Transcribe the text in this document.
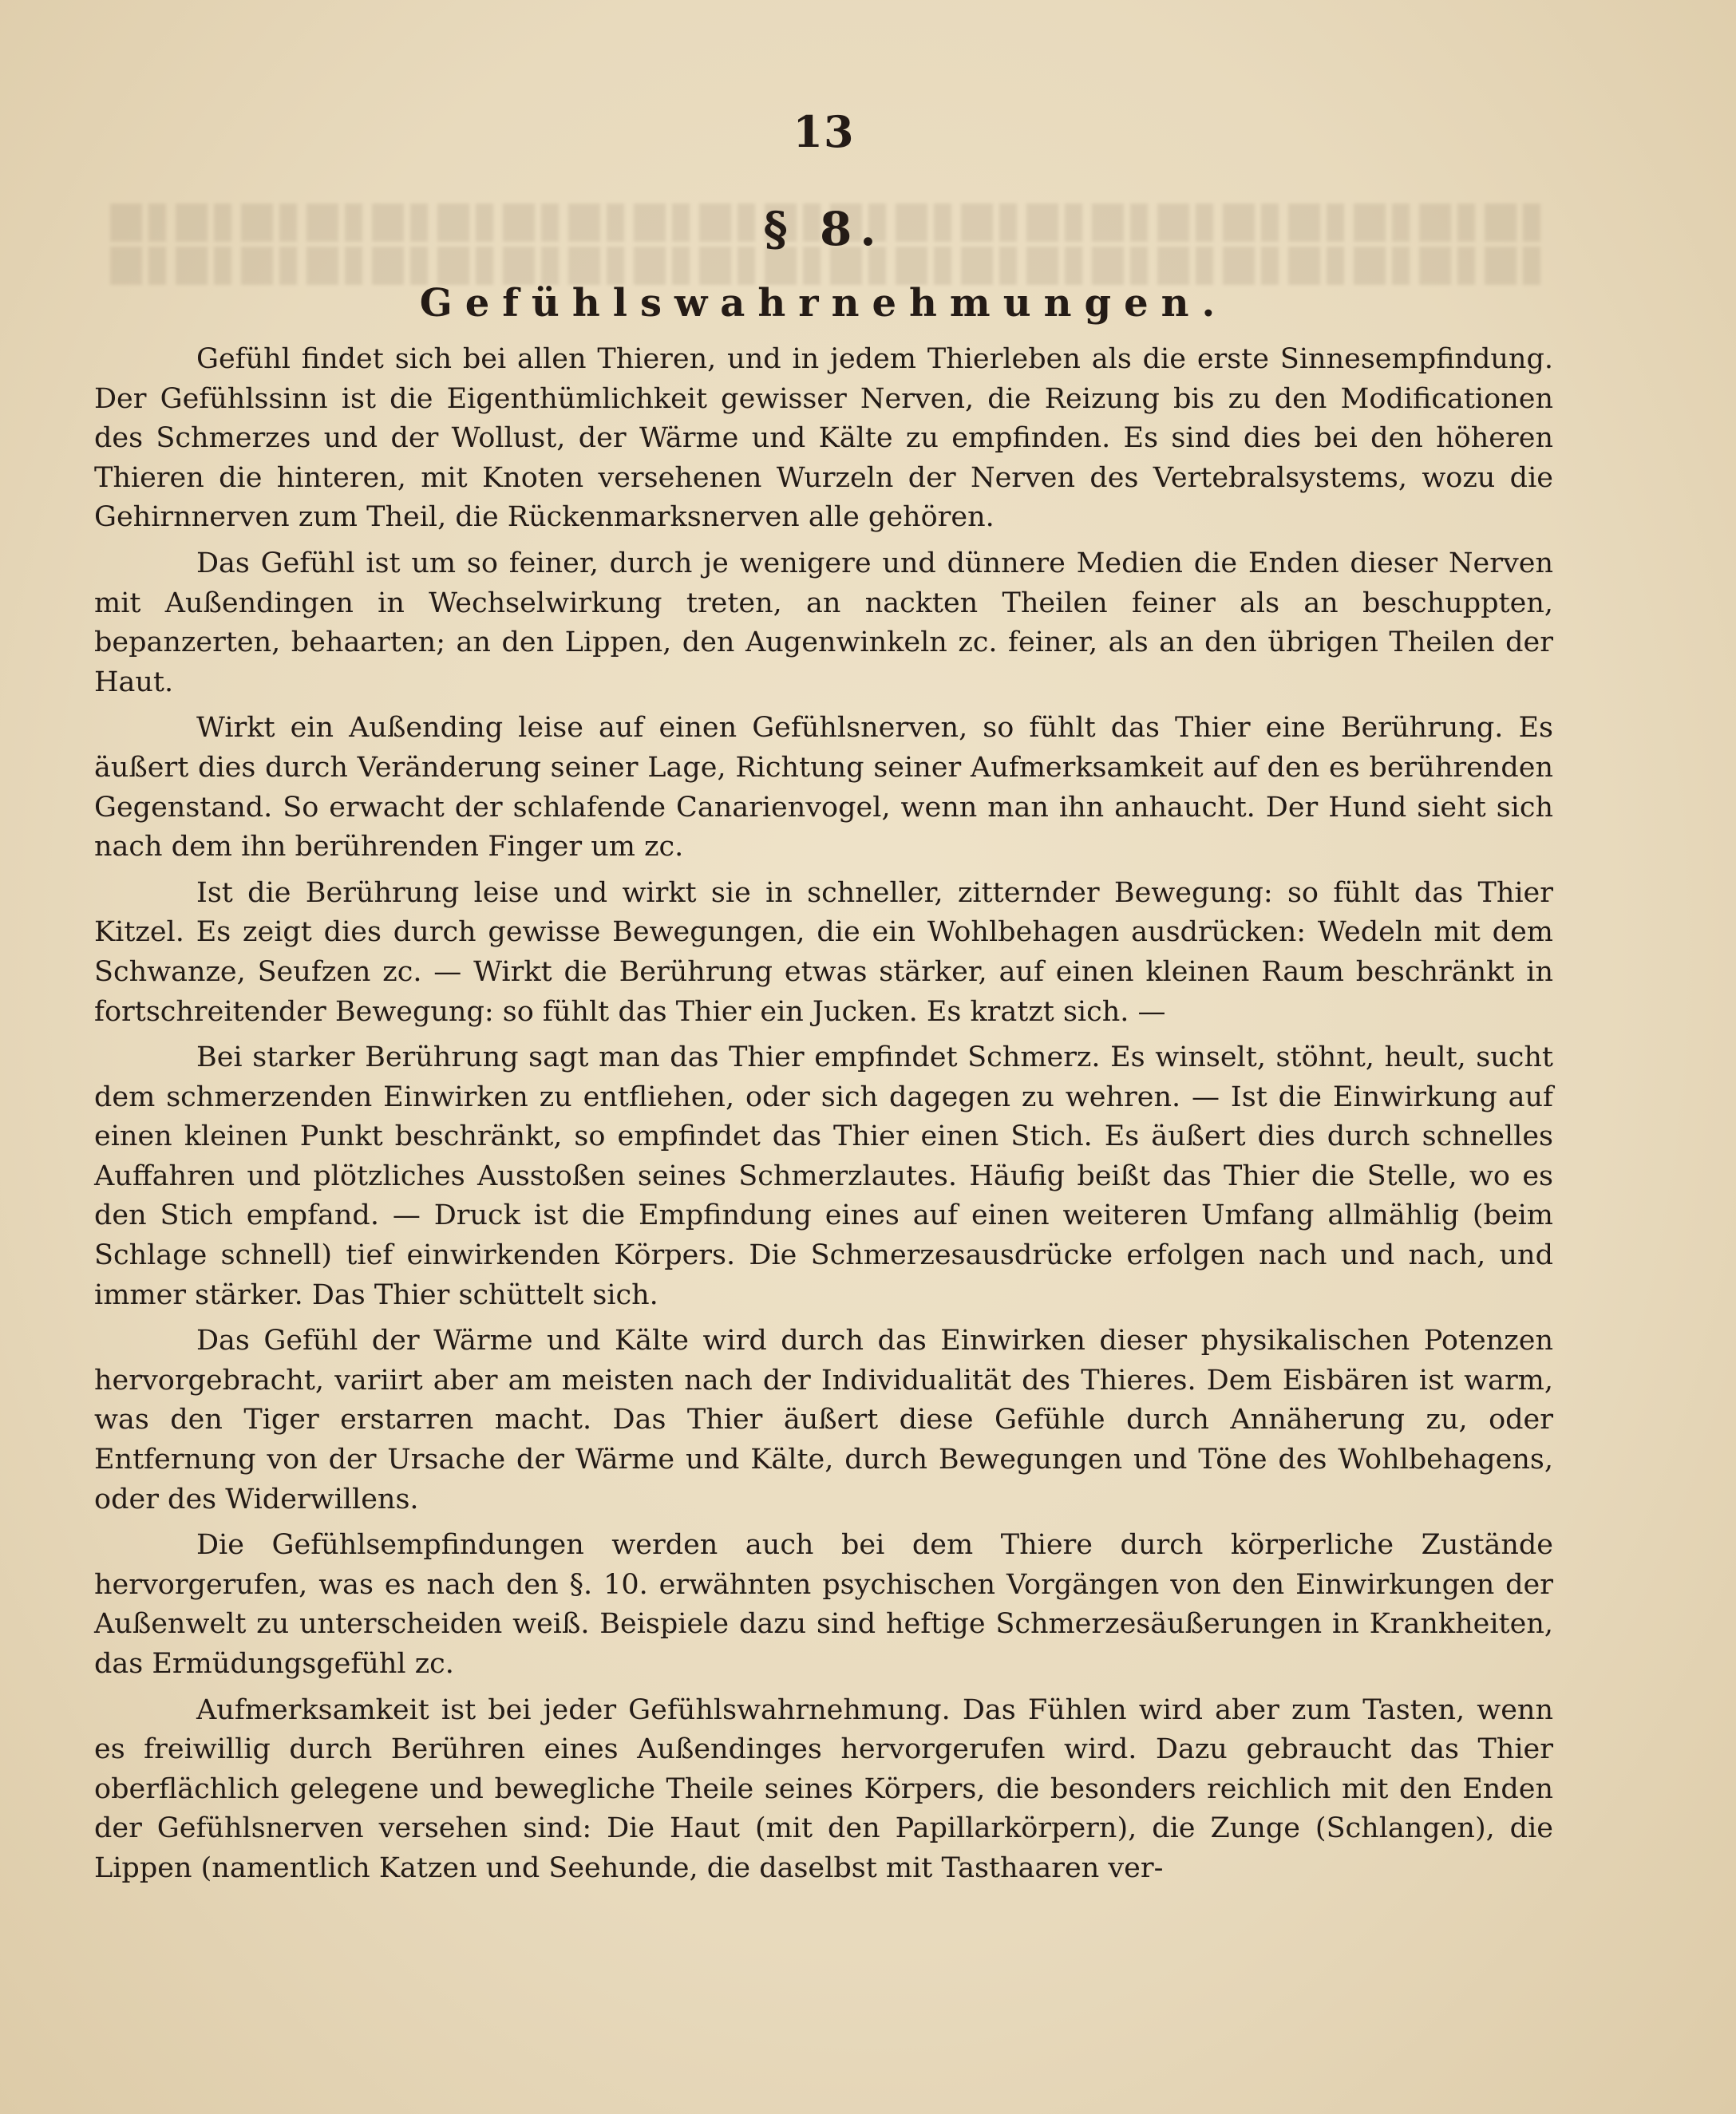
13
§ 8.
Gefühlswahrnehmungen.

Gefühl findet sich bei allen Thieren, und in jedem Thierleben als die erste Sinnesempfindung. Der Gefühlssinn ist die Eigenthümlichkeit gewisser Nerven, die Reizung bis zu den Modificationen des Schmerzes und der Wollust, der Wärme und Kälte zu empfinden. Es sind dies bei den höheren Thieren die hinteren, mit Knoten versehenen Wurzeln der Nerven des Vertebralsystems, wozu die Gehirnnerven zum Theil, die Rückenmarksnerven alle gehören.

Das Gefühl ist um so feiner, durch je wenigere und dünnere Medien die Enden dieser Nerven mit Außendingen in Wechselwirkung treten, an nackten Theilen feiner als an beschuppten, bepanzerten, behaarten; an den Lippen, den Augenwinkeln zc. feiner, als an den übrigen Theilen der Haut.

Wirkt ein Außending leise auf einen Gefühlsnerven, so fühlt das Thier eine Berührung. Es äußert dies durch Veränderung seiner Lage, Richtung seiner Aufmerksamkeit auf den es berührenden Gegenstand. So erwacht der schlafende Canarienvogel, wenn man ihn anhaucht. Der Hund sieht sich nach dem ihn berührenden Finger um zc.

Ist die Berührung leise und wirkt sie in schneller, zitternder Bewegung: so fühlt das Thier Kitzel. Es zeigt dies durch gewisse Bewegungen, die ein Wohlbehagen ausdrücken: Wedeln mit dem Schwanze, Seufzen zc. — Wirkt die Berührung etwas stärker, auf einen kleinen Raum beschränkt in fortschreitender Bewegung: so fühlt das Thier ein Jucken. Es kratzt sich. —

Bei starker Berührung sagt man das Thier empfindet Schmerz. Es winselt, stöhnt, heult, sucht dem schmerzenden Einwirken zu entfliehen, oder sich dagegen zu wehren. — Ist die Einwirkung auf einen kleinen Punkt beschränkt, so empfindet das Thier einen Stich. Es äußert dies durch schnelles Auffahren und plötzliches Ausstoßen seines Schmerzlautes. Häufig beißt das Thier die Stelle, wo es den Stich empfand. — Druck ist die Empfindung eines auf einen weiteren Umfang allmählig (beim Schlage schnell) tief einwirkenden Körpers. Die Schmerzesausdrücke erfolgen nach und nach, und immer stärker. Das Thier schüttelt sich.

Das Gefühl der Wärme und Kälte wird durch das Einwirken dieser physikalischen Potenzen hervorgebracht, variirt aber am meisten nach der Individualität des Thieres. Dem Eisbären ist warm, was den Tiger erstarren macht. Das Thier äußert diese Gefühle durch Annäherung zu, oder Entfernung von der Ursache der Wärme und Kälte, durch Bewegungen und Töne des Wohlbehagens, oder des Widerwillens.

Die Gefühlsempfindungen werden auch bei dem Thiere durch körperliche Zustände hervorgerufen, was es nach den §. 10. erwähnten psychischen Vorgängen von den Einwirkungen der Außenwelt zu unterscheiden weiß. Beispiele dazu sind heftige Schmerzesäußerungen in Krankheiten, das Ermüdungsgefühl zc.

Aufmerksamkeit ist bei jeder Gefühlswahrnehmung. Das Fühlen wird aber zum Tasten, wenn es freiwillig durch Berühren eines Außendinges hervorgerufen wird. Dazu gebraucht das Thier oberflächlich gelegene und bewegliche Theile seines Körpers, die besonders reichlich mit den Enden der Gefühlsnerven versehen sind: Die Haut (mit den Papillarkörpern), die Zunge (Schlangen), die Lippen (namentlich Katzen und Seehunde, die daselbst mit Tasthaaren ver-
